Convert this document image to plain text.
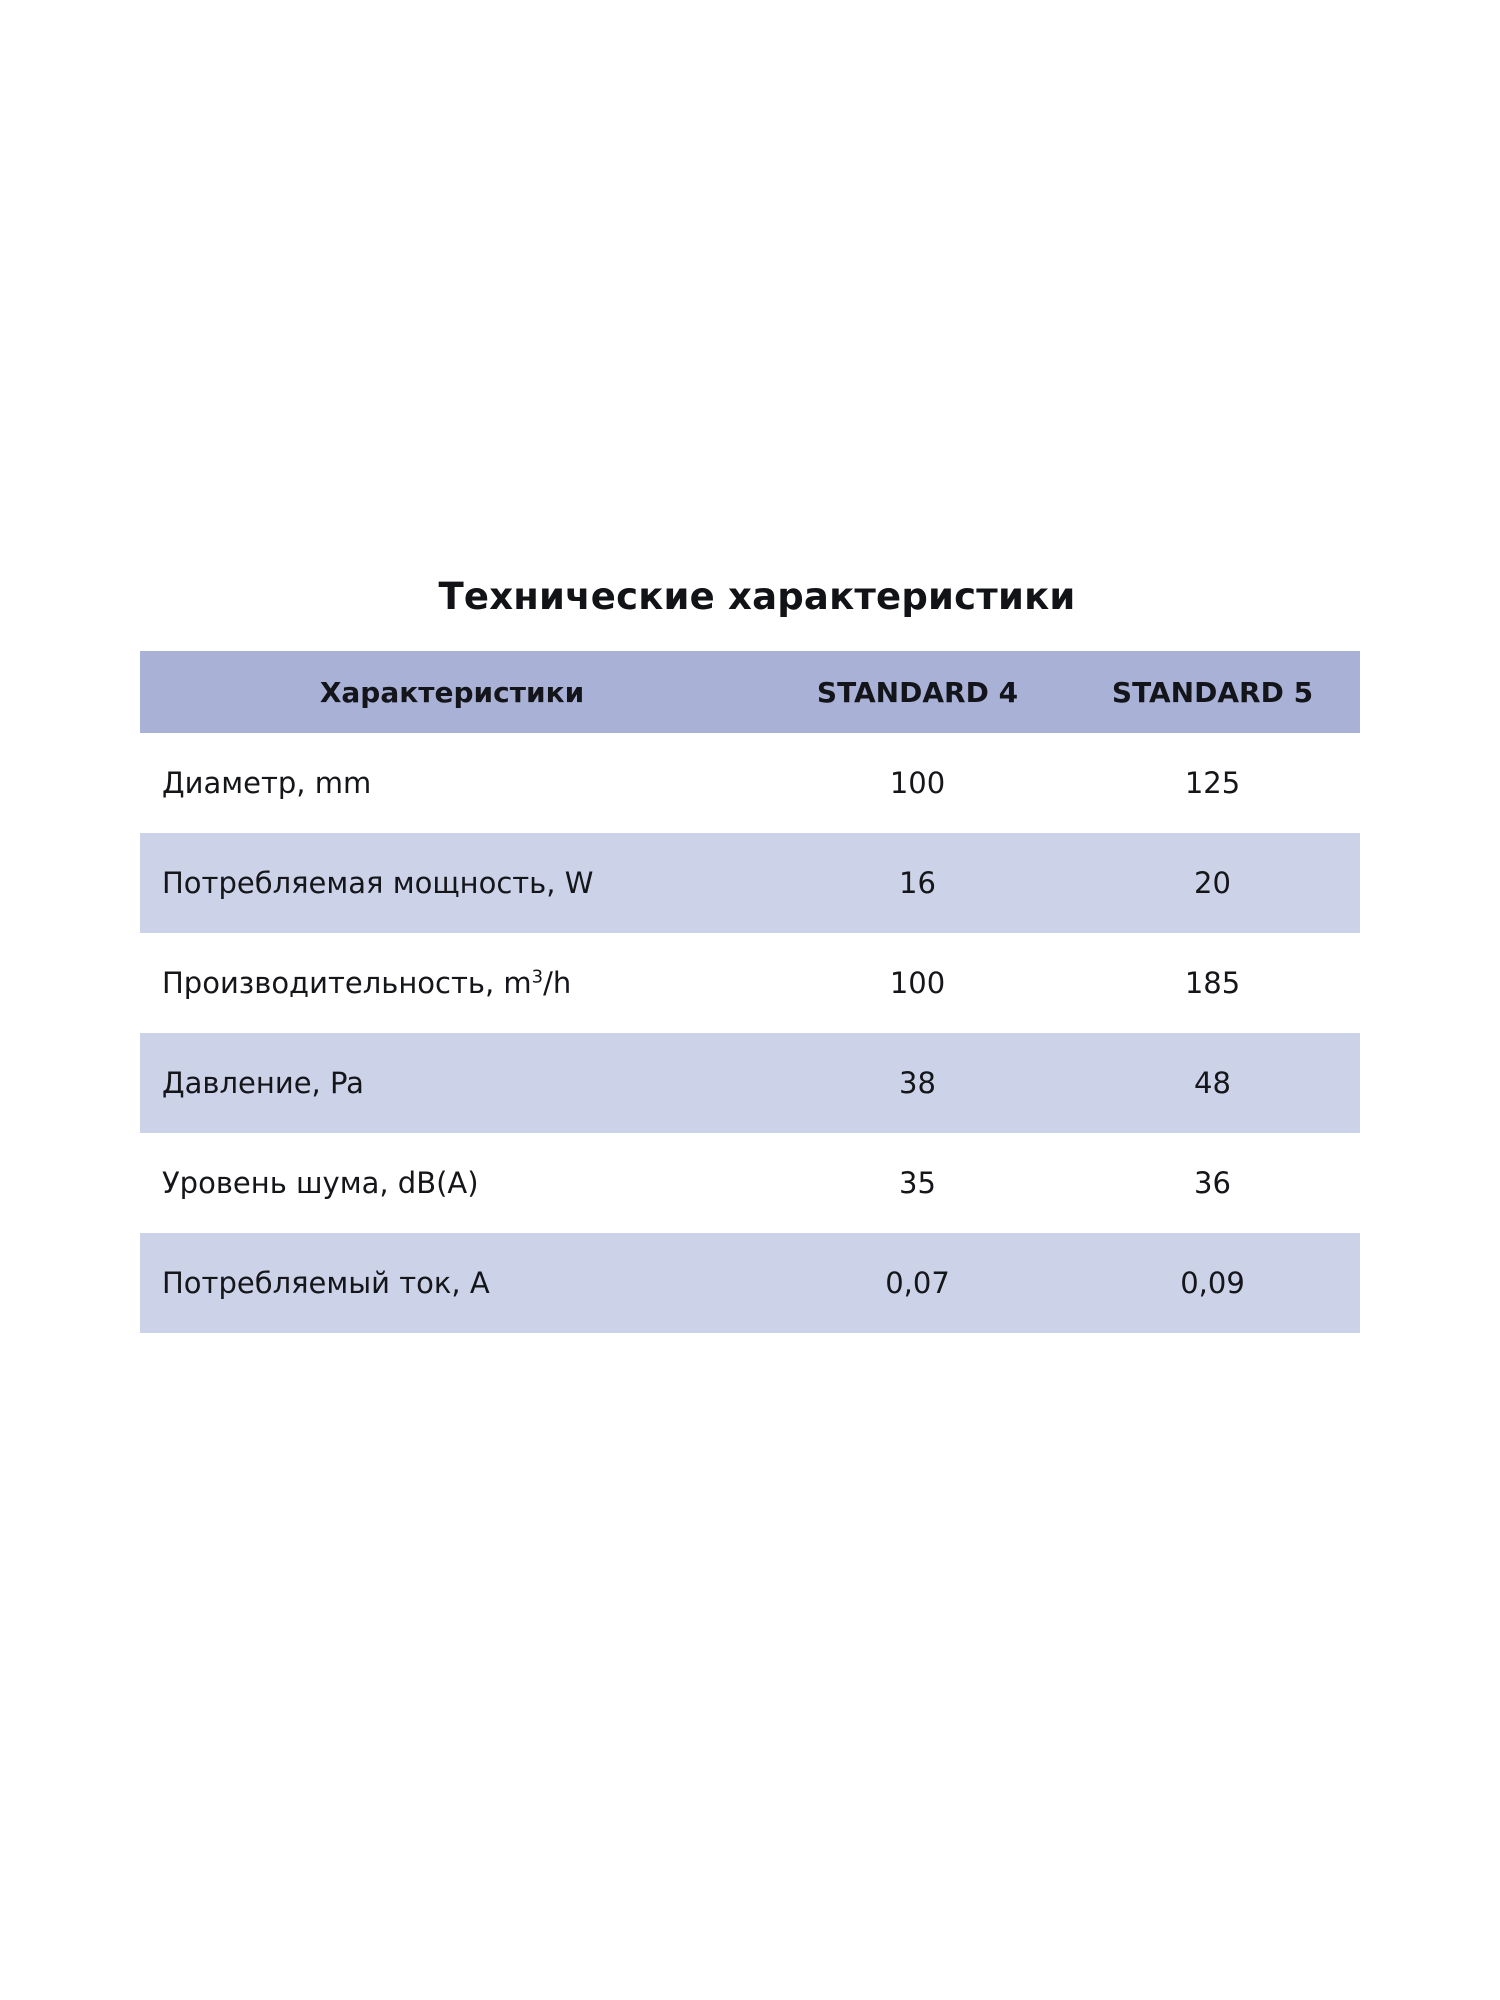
Технические характеристики
Характеристики	STANDARD 4	STANDARD 5
Диаметр, mm	100	125
Потребляемая мощность, W	16	20
Производительность, $m^3/h$	100	185
Давление, Pa	38	48
Уровень шума, dB(A)	35	36
Потребляемый ток, A	0,07	0,09
